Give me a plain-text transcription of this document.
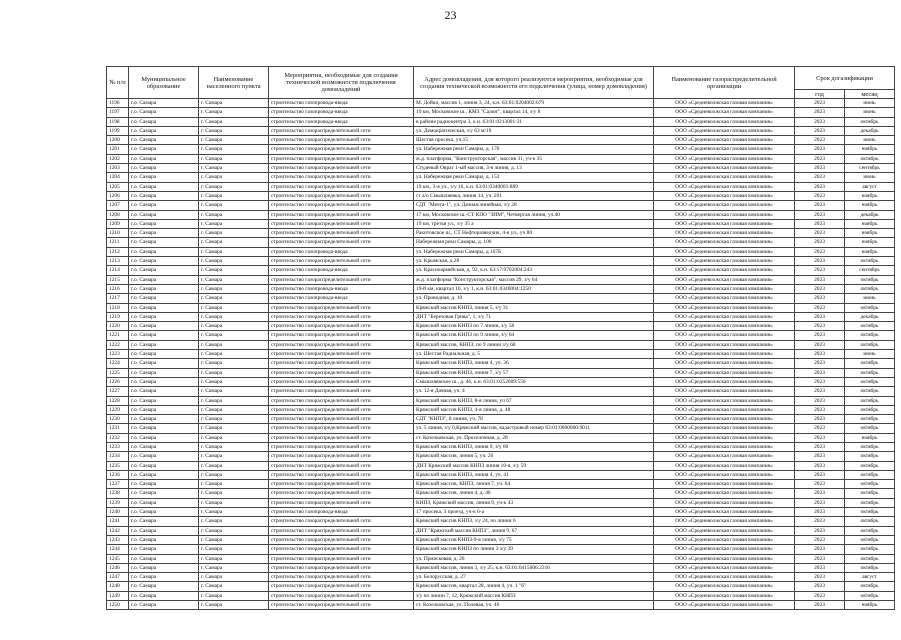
23
№ п/п	Муниципальное образование	Наименование населенного пункта	Мероприятия, необходимые для создания технической возможности подключения домовладений	Адрес домовладения, для которого реализуются мероприятия, необходимые для создания технической возможности его подключения (улица, номер домовладения)	Наименование газораспределительной организации	Срок догазификации	
						год	месяц
1196	г.о. Самара	г. Самара	строительство газопровода-ввода	М. Дойки, массив 1, линия 3, 24, к.н. 63:01:0204002:679	ООО «Средневолжская газовая компания»	2023	июнь
1197	г.о. Самара	г. Самара	строительство газопровода-ввода	19 км, Московское ш., КМЗ "Салют", квартал 14, з/у 8	ООО «Средневолжская газовая компания»	2023	июнь
1198	г.о. Самара	г. Самара	строительство газопровода-ввода	в районе радиоцентра 3, к.н. 63:01:0213001:31	ООО «Средневолжская газовая компания»	2023	октябрь
1199	г.о. Самара	г. Самара	строительство газораспределительной сети	ул. Демократическая, з/у 63 м/19	ООО «Средневолжская газовая компания»	2023	декабрь
1200	г.о. Самара	г. Самара	строительство газораспределительной сети	Шестая просека, уч.15	ООО «Средневолжская газовая компания»	2023	июнь
1201	г.о. Самара	г. Самара	строительство газораспределительной сети	ул. Набережная реки Самары, д. 170	ООО «Средневолжская газовая компания»	2023	ноябрь
1202	г.о. Самара	г. Самара	строительство газораспределительной сети	ж.д. платформа, "Конструкторская", массив 31, уч-к 35	ООО «Средневолжская газовая компания»	2023	октябрь
1203	г.о. Самара	г. Самара	строительство газораспределительной сети	Студеный Овраг 1-ый массив, 3-я линия, д. 13	ООО «Средневолжская газовая компания»	2023	сентябрь
1204	г.о. Самара	г. Самара	строительство газораспределительной сети	ул. Набережная реки Самары, д. 153	ООО «Средневолжская газовая компания»	2023	июнь
1205	г.о. Самара	г. Самара	строительство газораспределительной сети	19 км., 3-я ул., з/у 16, к.н. 63:01:0340001:889	ООО «Средневолжская газовая компания»	2023	август
1206	г.о. Самара	г. Самара	строительство газораспределительной сети	ст а/о Смышляевка, линия 14, уч. 201	ООО «Средневолжская газовая компания»	2023	ноябрь
1207	г.о. Самара	г. Самара	строительство газораспределительной сети	СДТ "Мечта-1", ул. Дачная/линейная, з/у 28	ООО «Средневолжская газовая компания»	2023	ноябрь
1208	г.о. Самара	г. Самара	строительство газораспределительной сети	17 км, Московское ш.-СТ КПО "ЗИМ", Четвертая линия, уч.40	ООО «Средневолжская газовая компания»	2023	декабрь
1209	г.о. Самара	г. Самара	строительство газораспределительной сети	19 км, третья ул., з/у 35 а	ООО «Средневолжская газовая компания»	2023	ноябрь
1210	г.о. Самара	г. Самара	строительство газораспределительной сети	Ракитовское ш., СТ Нефтеразведчик, 4-я ул., уч 80	ООО «Средневолжская газовая компания»	2023	ноябрь
1211	г.о. Самара	г. Самара	строительство газораспределительной сети	Набережная реки Самары, д. 100	ООО «Средневолжская газовая компания»	2023	ноябрь
1212	г.о. Самара	г. Самара	строительство газопровода-ввода	ул. Набережная реки Самары, д.167Б	ООО «Средневолжская газовая компания»	2023	ноябрь
1213	г.о. Самара	г. Самара	строительство газораспределительной сети	ул. Крымская, д.28	ООО «Средневолжская газовая компания»	2023	октябрь
1214	г.о. Самара	г. Самара	строительство газопровода-ввода	ул. Красноармейская, д. 92, к.н. 63:17:0702004:243	ООО «Средневолжская газовая компания»	2023	сентябрь
1215	г.о. Самара	г. Самара	строительство газораспределительной сети	ж.д. платформа "Конструкторская", массив 29, з/у 64	ООО «Средневолжская газовая компания»	2023	октябрь
1216	г.о. Самара	г. Самара	строительство газопровода-ввода	19-й км, квартал 10, з/у 1, к.н. 63:01:0340004:1250	ООО «Средневолжская газовая компания»	2023	октябрь
1217	г.о. Самара	г. Самара	строительство газопровода-ввода	ул. Проводная, д. 10	ООО «Средневолжская газовая компания»	2023	июнь
1218	г.о. Самара	г. Самара	строительство газораспределительной сети	Кряжский массив КНПЗ, линия 5, з/у 31	ООО «Средневолжская газовая компания»	2023	октябрь
1219	г.о. Самара	г. Самара	строительство газораспределительной сети	ДНТ "Березовая Грива", 1, з/у 71	ООО «Средневолжская газовая компания»	2023	декабрь
1220	г.о. Самара	г. Самара	строительство газораспределительной сети	Кряжский массив КНПЗ по 7 линии, з/у 58	ООО «Средневолжская газовая компания»	2023	октябрь
1221	г.о. Самара	г. Самара	строительство газораспределительной сети	Кряжский массив КНПЗ по 9 линии, з/у 64	ООО «Средневолжская газовая компания»	2023	октябрь
1222	г.о. Самара	г. Самара	строительство газораспределительной сети	Кряжский массив, КНПЗ, по 9 линии з/у 68	ООО «Средневолжская газовая компания»	2023	октябрь
1223	г.о. Самара	г. Самара	строительство газораспределительной сети	ул. Шестая Радиальная, д. 5	ООО «Средневолжская газовая компания»	2023	июнь
1224	г.о. Самара	г. Самара	строительство газораспределительной сети	Кряжский массив КНПЗ, линия 4, уч. 36	ООО «Средневолжская газовая компания»	2023	октябрь
1225	г.о. Самара	г. Самара	строительство газораспределительной сети	Кряжский массив КНПЗ, линия 7, з/у 57	ООО «Средневолжская газовая компания»	2023	октябрь
1226	г.о. Самара	г. Самара	строительство газораспределительной сети	Смышляевское ш., д. 46, к.н. 63:01:0252009:556	ООО «Средневолжская газовая компания»	2023	октябрь
1227	г.о. Самара	г. Самара	строительство газораспределительной сети	ул. 12-я Дачная, уч. 4	ООО «Средневолжская газовая компания»	2023	октябрь
1228	г.о. Самара	г. Самара	строительство газораспределительной сети	Кряжский массив КНПЗ, 8-я линия, уч 67	ООО «Средневолжская газовая компания»	2023	октябрь
1229	г.о. Самара	г. Самара	строительство газораспределительной сети	Кряжский массив КНПЗ, 4-я линия, д. 48	ООО «Средневолжская газовая компания»	2023	октябрь
1230	г.о. Самара	г. Самара	строительство газораспределительной сети	СДТ "КНПЗ", 8 линия, уч. 78	ООО «Средневолжская газовая компания»	2023	октябрь
1231	г.о. Самара	г. Самара	строительство газораспределительной сети	ул. 5 линия, з/у 0,Кряжский массив, кадастровый номер 63:01:0000000:9011	ООО «Средневолжская газовая компания»	2023	октябрь
1232	г.о. Самара	г. Самара	строительство газораспределительной сети	ст. Козелковская, ул. Проселочная, д. 28	ООО «Средневолжская газовая компания»	2023	ноябрь
1233	г.о. Самара	г. Самара	строительство газораспределительной сети	Кряжский массив КНПЗ, линия 9, з/у 60	ООО «Средневолжская газовая компания»	2023	октябрь
1234	г.о. Самара	г. Самара	строительство газораспределительной сети	Кряжский массив, линия 5, уч. 26	ООО «Средневолжская газовая компания»	2023	октябрь
1235	г.о. Самара	г. Самара	строительство газораспределительной сети	ДНТ Кряжский массив КНПЗ линия 10-я, з/у 59	ООО «Средневолжская газовая компания»	2023	октябрь
1236	г.о. Самара	г. Самара	строительство газораспределительной сети	Кряжский массив КНПЗ, линия 4, уч. 41	ООО «Средневолжская газовая компания»	2023	октябрь
1237	г.о. Самара	г. Самара	строительство газораспределительной сети	Кряжский массив, КНПЗ, линия 7, уч. 64	ООО «Средневолжская газовая компания»	2023	октябрь
1238	г.о. Самара	г. Самара	строительство газораспределительной сети	Кряжский массив, линия 4, д. 46	ООО «Средневолжская газовая компания»	2023	октябрь
1239	г.о. Самара	г. Самара	строительство газораспределительной сети	КНПЗ, Кряжский массив, линия 9, уч-к 43	ООО «Средневолжская газовая компания»	2023	октябрь
1240	г.о. Самара	г. Самара	строительство газопровода-ввода	17 просека, 3 проезд, уч-к 6-а	ООО «Средневолжская газовая компания»	2023	октябрь
1241	г.о. Самара	г. Самара	строительство газораспределительной сети	Кряжский массив КНПЗ, з/у 24, по линии 6	ООО «Средневолжская газовая компания»	2023	октябрь
1242	г.о. Самара	г. Самара	строительство газораспределительной сети	ДНТ "Кряжский массив КНПЗ", линия 9, 67	ООО «Средневолжская газовая компания»	2023	октябрь
1243	г.о. Самара	г. Самара	строительство газораспределительной сети	Кряжский массив КНПЗ-9-я линия, з/у 75	ООО «Средневолжская газовая компания»	2023	октябрь
1244	г.о. Самара	г. Самара	строительство газораспределительной сети	Кряжский массив КНПЗ по линии 3 з/у 39	ООО «Средневолжская газовая компания»	2023	октябрь
1245	г.о. Самара	г. Самара	строительство газораспределительной сети	ул. Приисковая, д. 26	ООО «Средневолжская газовая компания»	2023	октябрь
1246	г.о. Самара	г. Самара	строительство газораспределительной сети	Кряжский массив, линия 3, з/у 25, к.н. 63:01:0415006:2316	ООО «Средневолжская газовая компания»	2023	октябрь
1247	г.о. Самара	г. Самара	строительство газораспределительной сети	ул. Белорусская, д. 27	ООО «Средневолжская газовая компания»	2023	август
1248	г.о. Самара	г. Самара	строительство газораспределительной сети	Кряжский массив, квартал 28, линия 4, уч. 1 "б"	ООО «Средневолжская газовая компания»	2023	октябрь
1249	г.о. Самара	г. Самара	строительство газораспределительной сети	з/у по линии 7, 12, Кряжский массив КНПЗ	ООО «Средневолжская газовая компания»	2023	октябрь
1250	г.о. Самара	г. Самара	строительство газораспределительной сети	ст. Козелковская, ул. Полевая, уч. 40	ООО «Средневолжская газовая компания»	2023	ноябрь
